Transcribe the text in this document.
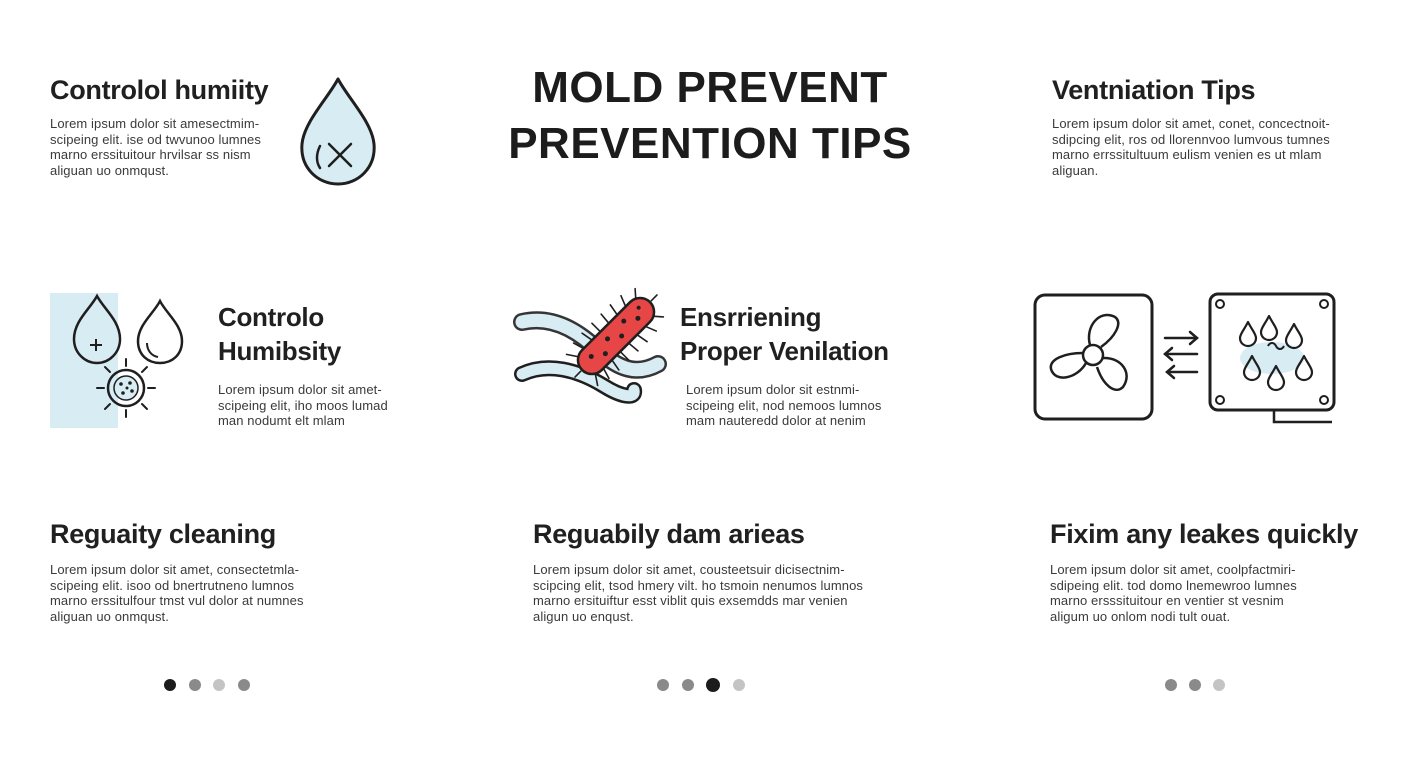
MOLD PREVENT
PREVENTION TIPS
Controlol humiity

Lorem ipsum dolor sit amesectmim-
scipeing elit. ise od twvunoo lumnes
marno erssituitour hrvilsar ss nism
aliguan uo onmqust.

Ventniation Tips

Lorem ipsum dolor sit amet, conet, concectnoit-
sdipcing elit, ros od llorennvoo lumvous tumnes
marno errssitultuum eulism venien es ut mlam
aliguan.

Controlo
Humibsity

Lorem ipsum dolor sit amet-
scipeing elit, iho moos lumad
man nodumt elt mlam

Ensrriening
Proper Venilation

Lorem ipsum dolor sit estnmi-
scipeing elit, nod nemoos lumnos
mam nauteredd dolor at nenim

Reguaity cleaning

Lorem ipsum dolor sit amet, consectetmla-
scipeing elit. isoo od bnertrutneno lumnos
marno erssitulfour tmst vul dolor at numnes
aliguan uo onmqust.

Reguabily dam arieas

Lorem ipsum dolor sit amet, cousteetsuir dicisectnim-
scipcing elit, tsod hmery vilt. ho tsmoin nenumos lumnos
marno ersituiftur esst viblit quis exsemdds mar venien
aligun uo enqust.

Fixim any leakes quickly

Lorem ipsum dolor sit amet, coolpfactmiri-
sdipeing elit. tod domo lnemewroo lumnes
marno ersssituitour en ventier st vesnim
aligum uo onlom nodi tult ouat.
